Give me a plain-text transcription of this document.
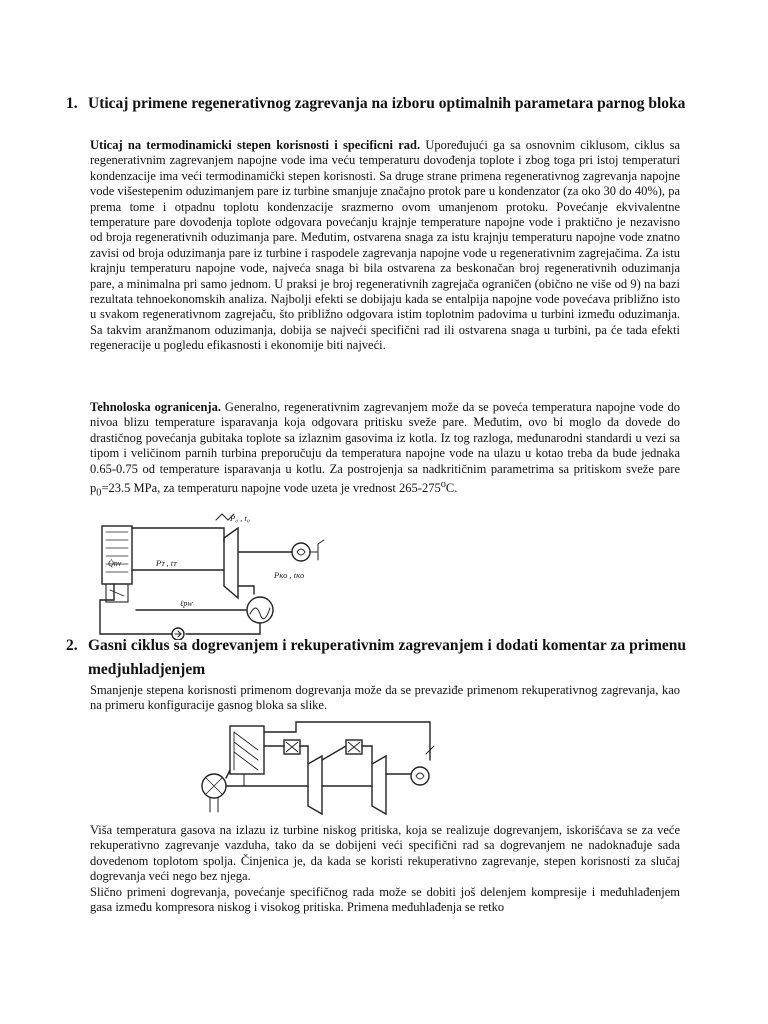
1. Uticaj primene regenerativnog zagrevanja na izboru optimalnih parametara parnog bloka
Uticaj na termodinamicki stepen korisnosti i specificni rad. Upoređujući ga sa osnovnim ciklusom, ciklus sa regenerativnim zagrevanjem napojne vode ima veću temperaturu dovođenja toplote i zbog toga pri istoj temperaturi kondenzacije ima veći termodinamički stepen korisnosti. Sa druge strane primena regenerativnog zagrevanja napojne vode višestepenim oduzimanjem pare iz turbine smanjuje značajno protok pare u kondenzator (za oko 30 do 40%), pa prema tome i otpadnu toplotu kondenzacije srazmerno ovom umanjenom protoku. Povećanje ekvivalentne temperature pare dovođenja toplote odgovara povećanju krajnje temperature napojne vode i praktično je nezavisno od broja regenerativnih oduzimanja pare. Međutim, ostvarena snaga za istu krajnju temperaturu napojne vode znatno zavisi od broja oduzimanja pare iz turbine i raspodele zagrevanja napojne vode u regenerativnim zagrejačima. Za istu krajnju temperaturu napojne vode, najveća snaga bi bila ostvarena za beskonačan broj regenerativnih oduzimanja pare, a minimalna pri samo jednom. U praksi je broj regenerativnih zagrejača ograničen (obično ne više od 9) na bazi rezultata tehnoekonomskih analiza. Najbolji efekti se dobijaju kada se entalpija napojne vode povećava približno isto u svakom regenerativnom zagrejaču, što približno odgovara istim toplotnim padovima u turbini između oduzimanja. Sa takvim aranžmanom oduzimanja, dobija se najveći specifični rad ili ostvarena snaga u turbini, pa će tada efekti regeneracije u pogledu efikasnosti i ekonomije biti najveći.
Tehnoloska ogranicenja. Generalno, regenerativnim zagrevanjem može da se poveća temperatura napojne vode do nivoa blizu temperature isparavanja koja odgovara pritisku sveže pare. Međutim, ovo bi moglo da dovede do drastičnog povećanja gubitaka toplote sa izlaznim gasovima iz kotla. Iz tog razloga, međunarodni standardi u vezi sa tipom i veličinom parnih turbina preporučuju da temperatura napojne vode na ulazu u kotao treba da bude jednaka 0.65-0.75 od temperature isparavanja u kotlu. Za postrojenja sa nadkritičnim parametrima sa pritiskom sveže pare $p_0=23.5$ MPa, za temperaturu napojne vode uzeta je vrednost 265-275$^o$C.
P₀ , t₀
Q̇nv	Pᴛ , tᴛ
Pᴋo , tᴋo
ℓpw
2. Gasni ciklus sa dogrevanjem i rekuperativnim zagrevanjem i dodati komentar za primenu medjuhladjenjem
Smanjenje stepena korisnosti primenom dogrevanja može da se prevaziđe primenom rekuperativnog zagrevanja, kao na primeru konfiguracije gasnog bloka sa slike.
Viša temperatura gasova na izlazu iz turbine niskog pritiska, koja se realizuje dogrevanjem, iskorišćava se za veće rekuperativno zagrevanje vazduha, tako da se dobijeni veći specifični rad sa dogrevanjem ne nadoknađuje sada dovedenom toplotom spolja. Činjenica je, da kada se koristi rekuperativno zagrevanje, stepen korisnosti za slučaj dogrevanja veći nego bez njega.
Slično primeni dogrevanja, povećanje specifičnog rada može se dobiti još delenjem kompresije i međuhlađenjem gasa između kompresora niskog i visokog pritiska. Primena međuhlađenja se retko
